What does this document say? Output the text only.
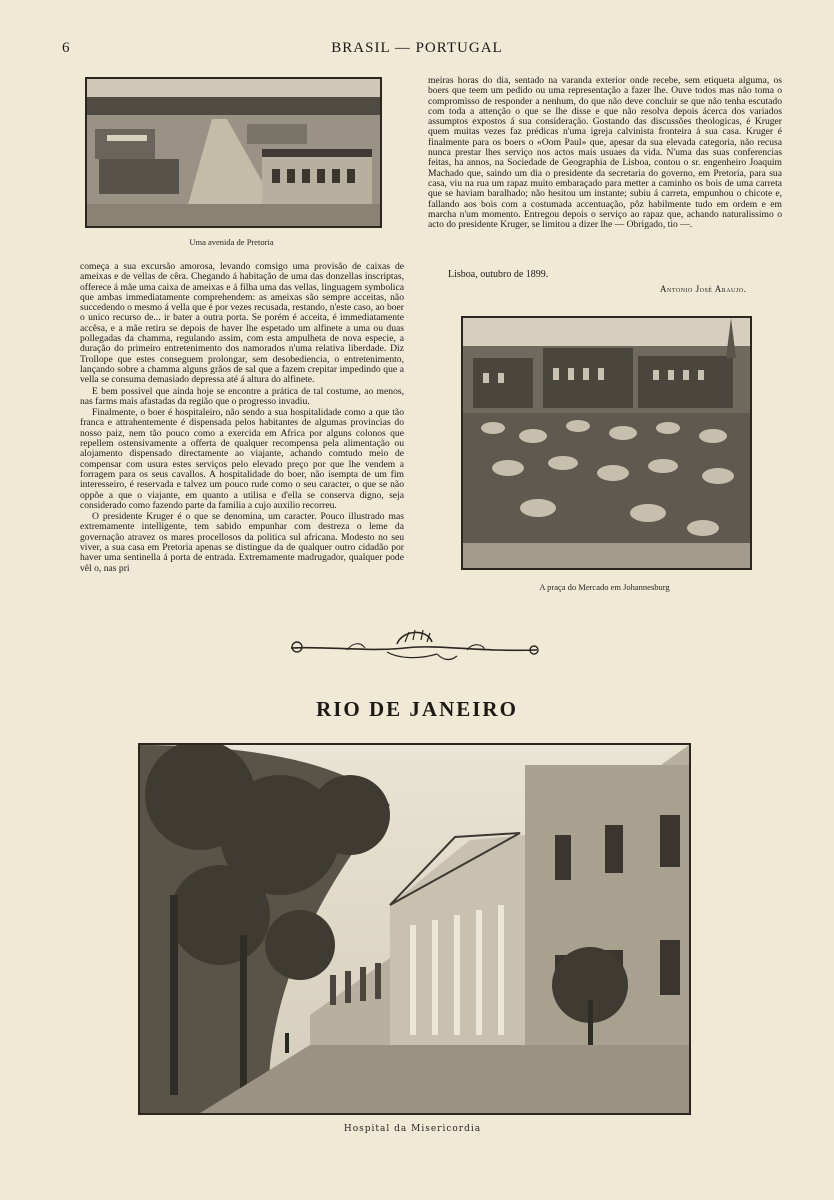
6	BRASIL — PORTUGAL
Uma avenida de Pretoria

começa a sua excursão amorosa, levando comsigo uma provisão de caixas de ameixas e de vellas de cêra. Chegando á habitação de uma das donzellas inscriptas, offerece á mãe uma caixa de ameixas e á filha uma das vellas, linguagem symbolica que ambas immediatamente comprehendem: as ameixas são sempre acceitas, não succedendo o mesmo á vella que é por vezes recusada, restando, n'este caso, ao boer o unico recurso de... ir bater a outra porta. Se porém é acceita, é immediatamente accêsa, e a mãe retira se depois de haver lhe espetado um alfinete a uma ou duas pollegadas da chamma, regulando assim, com esta ampulheta de nova especie, a duração do primeiro entretenimento dos namorados n'uma relativa liberdade. Diz Trollope que estes conseguem prolongar, sem desobediencia, o entretenimento, lançando sobre a chamma alguns grãos de sal que a fazem crepitar impedindo que a vella se consuma demasiado depressa até á altura do alfinete.

E bem possivel que ainda hoje se encontre a prática de tal costume, ao menos, nas farms mais afastadas da região que o progresso invadiu.

Finalmente, o boer é hospitaleiro, não sendo a sua hospitalidade como a que tão franca e attrahentemente é dispensada pelos habitantes de algumas provincias do nosso paiz, nem tão pouco como a exercida em Africa por alguns colonos que repellem ostensivamente a offerta de qualquer recompensa pela alimentação ou alojamento dispensado directamente ao viajante, achando comtudo meio de compensar com usura estes serviços pelo elevado preço por que lhe vendem a forragem para os seus cavallos. A hospitalidade do boer, não isempta de um fim interesseiro, é reservada e talvez um pouco rude como o seu caracter, o que se não oppõe a que o viajante, em quanto a utilisa e d'ella se conserva digno, seja considerado como fazendo parte da familia a cujo auxilio recorreu.

O presidente Kruger é o que se denomina, um caracter. Pouco illustrado mas extremamente intelligente, tem sabido empunhar com destreza o leme da governação atravez os mares procellosos da politica sul africana. Modesto no seu viver, a sua casa em Pretoria apenas se distingue da de qualquer outro cidadão por haver uma sentinella á porta de entrada. Extremamente madrugador, qualquer pode vêl o, nas pri

meiras horas do dia, sentado na varanda exterior onde recebe, sem etiqueta alguma, os boers que teem um pedido ou uma representação a fazer lhe. Ouve todos mas não toma o compromisso de responder a nenhum, do que não deve concluir se que não tenha escutado com toda a attenção o que se lhe disse e que não resolva depois ácerca dos variados assumptos expostos á sua consideração. Gostando das discussões theologicas, é Kruger quem muitas vezes faz prédicas n'uma igreja calvinista fronteira á sua casa. Kruger é finalmente para os boers o «Oom Paul» que, apesar da sua elevada categoria, não recusa nunca prestar lhes serviço nos actos mais usuaes da vida. N'uma das suas conferencias feitas, ha annos, na Sociedade de Geographia de Lisboa, contou o sr. engenheiro Joaquim Machado que, saindo um dia o presidente da secretaria do governo, em Pretoria, para sua casa, viu na rua um rapaz muito embaraçado para metter a caminho os bois de uma carreta que se haviam baralhado; não hesitou um instante; subiu á carreta, empunhou o chicote e, fallando aos bois com a costumada accentuação, pôz habilmente tudo em ordem e em marcha n'um momento. Entregou depois o serviço ao rapaz que, achando naturalissimo o acto do presidente Kruger, se limitou a dizer lhe — Obrigado, tio —.

Lisboa, outubro de 1899.
Antonio José Araujo.
A praça do Mercado em Johannesburg
RIO DE JANEIRO
Hospital da Misericordia
